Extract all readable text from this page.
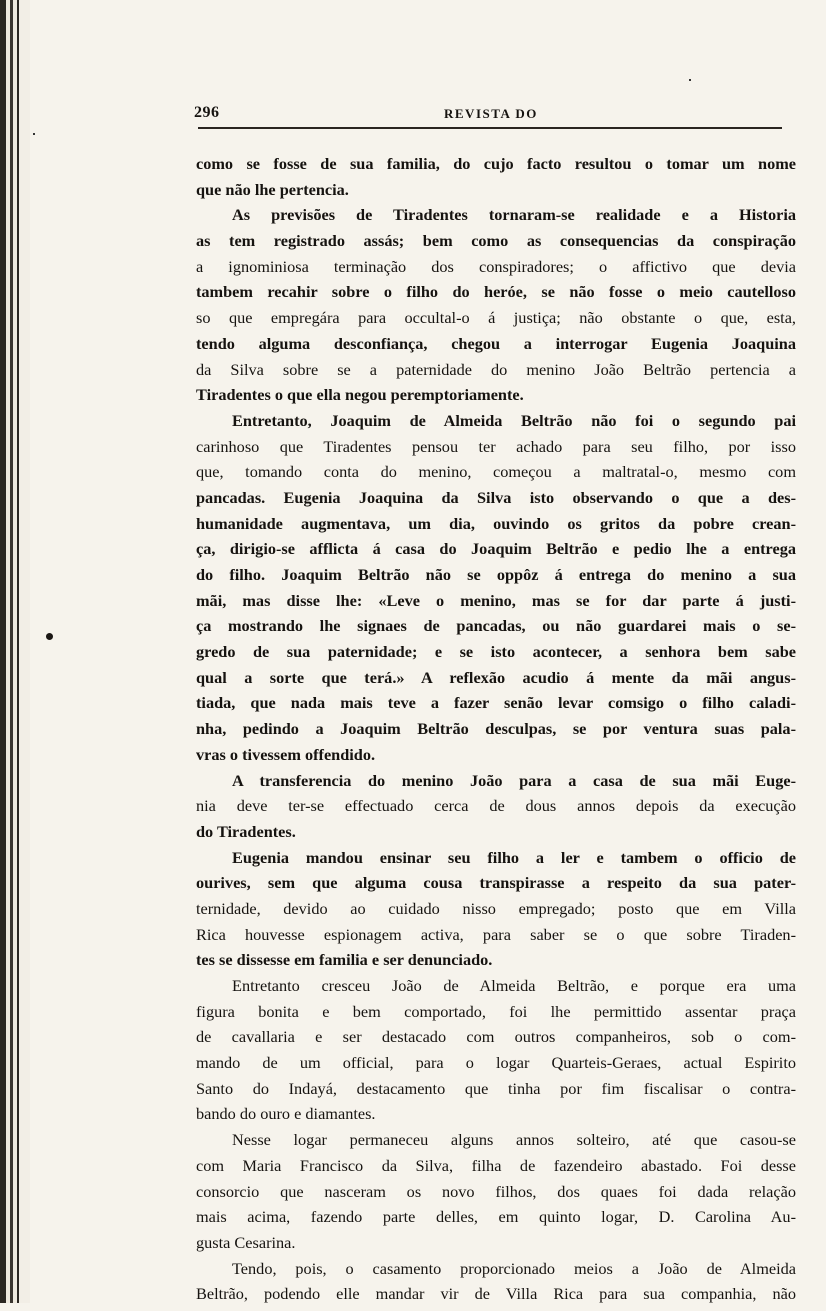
296	REVISTA DO
como se fosse de sua familia, do cujo facto resultou o tomar um nome
que não lhe pertencia.
As previsões de Tiradentes tornaram-se realidade e a Historia
as tem registrado assás; bem como as consequencias da conspiração
a ignominiosa terminação dos conspiradores; o affictivo que devia
tambem recahir sobre o filho do heróe, se não fosse o meio cautelloso
so que empregára para occultal-o á justiça; não obstante o que, esta,
tendo alguma desconfiança, chegou a interrogar Eugenia Joaquina
da Silva sobre se a paternidade do menino João Beltrão pertencia a
Tiradentes o que ella negou peremptoriamente.
Entretanto, Joaquim de Almeida Beltrão não foi o segundo pai
carinhoso que Tiradentes pensou ter achado para seu filho, por isso
que, tomando conta do menino, começou a maltratal-o, mesmo com
pancadas. Eugenia Joaquina da Silva isto observando o que a des-
humanidade augmentava, um dia, ouvindo os gritos da pobre crean-
ça, dirigio-se afflicta á casa do Joaquim Beltrão e pedio lhe a entrega
do filho. Joaquim Beltrão não se oppôz á entrega do menino a sua
mãi, mas disse lhe: «Leve o menino, mas se for dar parte á justi-
ça mostrando lhe signaes de pancadas, ou não guardarei mais o se-
gredo de sua paternidade; e se isto acontecer, a senhora bem sabe
qual a sorte que terá.» A reflexão acudio á mente da mãi angus-
tiada, que nada mais teve a fazer senão levar comsigo o filho caladi-
nha, pedindo a Joaquim Beltrão desculpas, se por ventura suas pala-
vras o tivessem offendido.
A transferencia do menino João para a casa de sua mãi Euge-
nia deve ter-se effectuado cerca de dous annos depois da execução
do Tiradentes.
Eugenia mandou ensinar seu filho a ler e tambem o officio de
ourives, sem que alguma cousa transpirasse a respeito da sua pater-
ternidade, devido ao cuidado nisso empregado; posto que em Villa
Rica houvesse espionagem activa, para saber se o que sobre Tiraden-
tes se dissesse em familia e ser denunciado.
Entretanto cresceu João de Almeida Beltrão, e porque era uma
figura bonita e bem comportado, foi lhe permittido assentar praça
de cavallaria e ser destacado com outros companheiros, sob o com-
mando de um official, para o logar Quarteis-Geraes, actual Espirito
Santo do Indayá, destacamento que tinha por fim fiscalisar o contra-
bando do ouro e diamantes.
Nesse logar permaneceu alguns annos solteiro, até que casou-se
com Maria Francisco da Silva, filha de fazendeiro abastado. Foi desse
consorcio que nasceram os novo filhos, dos quaes foi dada relação
mais acima, fazendo parte delles, em quinto logar, D. Carolina Au-
gusta Cesarina.
Tendo, pois, o casamento proporcionado meios a João de Almeida
Beltrão, podendo elle mandar vir de Villa Rica para sua companhia, não
